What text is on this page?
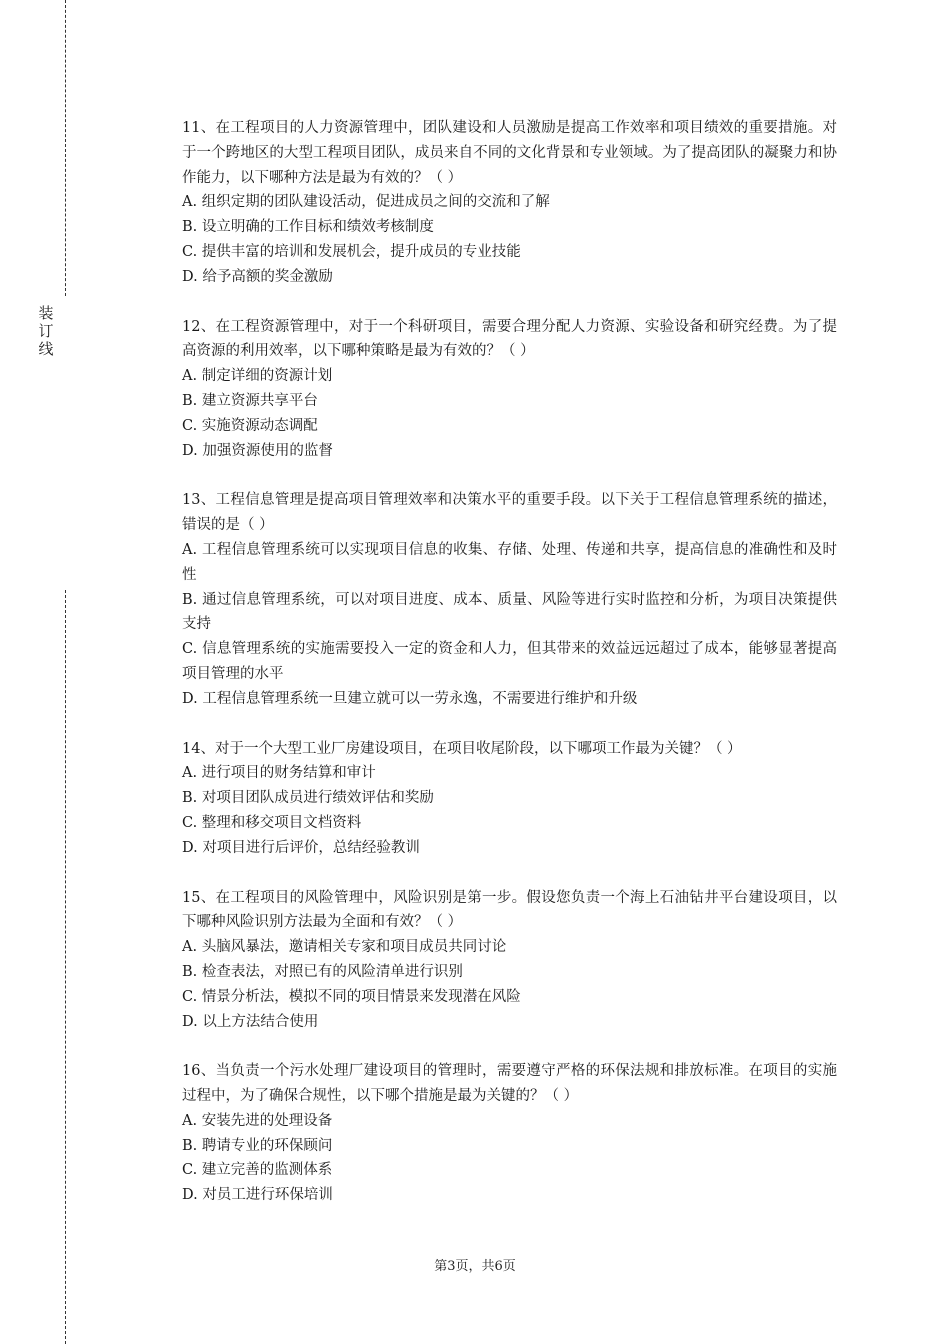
装
订
线

11、在工程项目的人力资源管理中，团队建设和人员激励是提高工作效率和项目绩效的重要措施。对于一个跨地区的大型工程项目团队，成员来自不同的文化背景和专业领域。为了提高团队的凝聚力和协作能力，以下哪种方法是最为有效的？（ ）

A. 组织定期的团队建设活动，促进成员之间的交流和了解

B. 设立明确的工作目标和绩效考核制度

C. 提供丰富的培训和发展机会，提升成员的专业技能

D. 给予高额的奖金激励

12、在工程资源管理中，对于一个科研项目，需要合理分配人力资源、实验设备和研究经费。为了提高资源的利用效率，以下哪种策略是最为有效的？（ ）

A. 制定详细的资源计划

B. 建立资源共享平台

C. 实施资源动态调配

D. 加强资源使用的监督

13、工程信息管理是提高项目管理效率和决策水平的重要手段。以下关于工程信息管理系统的描述，错误的是（ ）

A. 工程信息管理系统可以实现项目信息的收集、存储、处理、传递和共享，提高信息的准确性和及时性

B. 通过信息管理系统，可以对项目进度、成本、质量、风险等进行实时监控和分析，为项目决策提供支持

C. 信息管理系统的实施需要投入一定的资金和人力，但其带来的效益远远超过了成本，能够显著提高项目管理的水平

D. 工程信息管理系统一旦建立就可以一劳永逸，不需要进行维护和升级

14、对于一个大型工业厂房建设项目，在项目收尾阶段，以下哪项工作最为关键？（ ）

A. 进行项目的财务结算和审计

B. 对项目团队成员进行绩效评估和奖励

C. 整理和移交项目文档资料

D. 对项目进行后评价，总结经验教训

15、在工程项目的风险管理中，风险识别是第一步。假设您负责一个海上石油钻井平台建设项目，以下哪种风险识别方法最为全面和有效？（ ）

A. 头脑风暴法，邀请相关专家和项目成员共同讨论

B. 检查表法，对照已有的风险清单进行识别

C. 情景分析法，模拟不同的项目情景来发现潜在风险

D. 以上方法结合使用

16、当负责一个污水处理厂建设项目的管理时，需要遵守严格的环保法规和排放标准。在项目的实施过程中，为了确保合规性，以下哪个措施是最为关键的？（ ）

A. 安装先进的处理设备

B. 聘请专业的环保顾问

C. 建立完善的监测体系

D. 对员工进行环保培训

第3页，共6页
